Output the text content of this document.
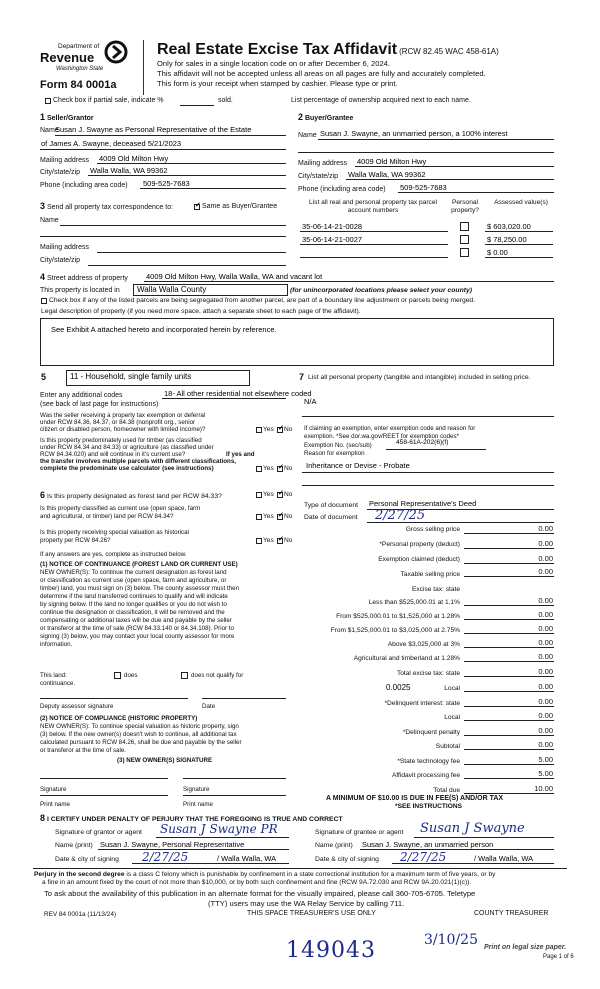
Department of
Revenue
Washington State
Form 84 0001a
Real Estate Excise Tax Affidavit (RCW 82.45 WAC 458-61A)
Only for sales in a single location code on or after December 6, 2024.
This affidavit will not be accepted unless all areas on all pages are fully and accurately completed.
This form is your receipt when stamped by cashier. Please type or print.
Check box if partial sale, indicate %	sold.	List percentage of ownership acquired next to each name.
1 Seller/Grantor
Name
Susan J. Swayne as Personal Representative of the Estate
of James A. Swayne, deceased 5/21/2023
Mailing address 4009 Old Milton Hwy
City/state/zip Walla Walla, WA 99362
Phone (including area code) 509-525-7683
2 Buyer/Grantee
Name Susan J. Swayne, an unmarried person, a 100% interest
Mailing address 4009 Old Milton Hwy
City/state/zip Walla Walla, WA 99362
Phone (including area code) 509-525-7683
3 Send all property tax correspondence to: ✓	Same as Buyer/Grantee
Name
Mailing address
City/state/zip
List all real and personal property tax parcel account numbers
Personal property?
Assessed value(s)
35-06-14-21-0028	$ 603,020.00
35-06-14-21-0027	$ 78,250.00
$ 0.00
4 Street address of property 4009 Old Milton Hwy, Walla Walla, WA and vacant lot
This property is located in	Walla Walla County	(for unincorporated locations please select your county)
Check box if any of the listed parcels are being segregated from another parcel, are part of a boundary line adjustment or parcels being merged.
Legal description of property (if you need more space, attach a separate sheet to each page of the affidavit).
See Exhibit A attached hereto and incorporated herein by reference.
5	11 - Household, single family units
Enter any additional codes	18- All other residential not elsewhere coded
(see back of last page for instructions)
Was the seller receiving a property tax exemption or deferral
under RCW 84.36, 84.37, or 84.38 (nonprofit org., senior
citizen or disabled person, homeowner with limited income)?	Yes ✓ No
Is this property predominately used for timber (as classified
under RCW 84.34 and 84.33) or agriculture (as classified under
RCW 84.34.020) and will continue in it's current use?	If yes and
the transfer involves multiple parcels with different classifications,
complete the predominate use calculator (see instructions)	Yes ✓ No
6 Is this property designated as forest land per RCW 84.33?	Yes ✓ No
Is this property classified as current use (open space, farm
and agricultural, or timber) land per RCW 84.34?	Yes ✓ No
Is this property receiving special valuation as historical
property per RCW 84.26?	Yes ✓ No
If any answers are yes, complete as instructed below.
(1) NOTICE OF CONTINUANCE (FOREST LAND OR CURRENT USE)
NEW OWNER(S): To continue the current designation as forest land
or classification as current use (open space, farm and agriculture, or
timber) land, you must sign on (3) below. The county assessor must then
determine if the land transferred continues to qualify and will indicate
by signing below. If the land no longer qualifies or you do not wish to
continue the designation or classification, it will be removed and the
compensating or additional taxes will be due and payable by the seller
or transferor at the time of sale (RCW 84.33.140 or 84.34.108). Prior to
signing (3) below, you may contact your local county assessor for more
information.
This land:	does	does not qualify for
continuance.
Deputy assessor signature	Date
(2) NOTICE OF COMPLIANCE (HISTORIC PROPERTY)
NEW OWNER(S): To continue special valuation as historic property, sign
(3) below. If the new owner(s) doesn't wish to continue, all additional tax
calculated pursuant to RCW 84.26, shall be due and payable by the seller
or transferor at the time of sale.
(3) NEW OWNER(S) SIGNATURE
Signature	Signature
Print name	Print name
7 List all personal property (tangible and intangible) included in selling price.
N/A
If claiming an exemption, enter exemption code and reason for
exemption. *See dor.wa.gov/REET for exemption codes*
Exemption No. (sec/sub)	458-61A-202(6)(f)
Reason for exemption
Inheritance or Devise - Probate
Type of document Personal Representative's Deed
Date of document 2/27/25
Gross selling price	0.00
*Personal property (deduct)	0.00
Exemption claimed (deduct)	0.00
Taxable selling price	0.00
Excise tax: state
Less than $525,000.01 at 1.1%	0.00
From $525,000.01 to $1,525,000 at 1.28%	0.00
From $1,525,000.01 to $3,025,000 at 2.75%	0.00
Above $3,025,000 at 3%	0.00
Agricultural and timberland at 1.28%	0.00
Total excise tax: state	0.00
0.0025	Local	0.00
*Delinquent interest: state	0.00
Local	0.00
*Delinquent penalty	0.00
Subtotal	0.00
*State technology fee	5.00
Affidavit processing fee	5.00
Total due	10.00
A MINIMUM OF $10.00 IS DUE IN FEE(S) AND/OR TAX
*SEE INSTRUCTIONS
8 I CERTIFY UNDER PENALTY OF PERJURY THAT THE FOREGOING IS TRUE AND CORRECT
Signature of grantor or agent Susan J Swayne PR
Name (print) Susan J. Swayne, Personal Representative
Date & city of signing 2/27/25	/ Walla Walla, WA
Signature of grantee or agent Susan J Swayne
Name (print) Susan J. Swayne, an unmarried person
Date & city of signing 2/27/25	/ Walla Walla, WA
Perjury in the second degree is a class C felony which is punishable by confinement in a state correctional institution for a maximum term of five years, or by
a fine in an amount fixed by the court of not more than $10,000, or by both such confinement and fine (RCW 9A.72.030 and RCW 9A.20.021(1)(c)).
To ask about the availability of this publication in an alternate format for the visually impaired, please call 360-705-6705. Teletype
(TTY) users may use the WA Relay Service by calling 711.
REV 84 0001a (11/13/24)	THIS SPACE TREASURER'S USE ONLY	COUNTY TREASURER
149043	3/10/25 Print on legal size paper.
Page 1 of 6
